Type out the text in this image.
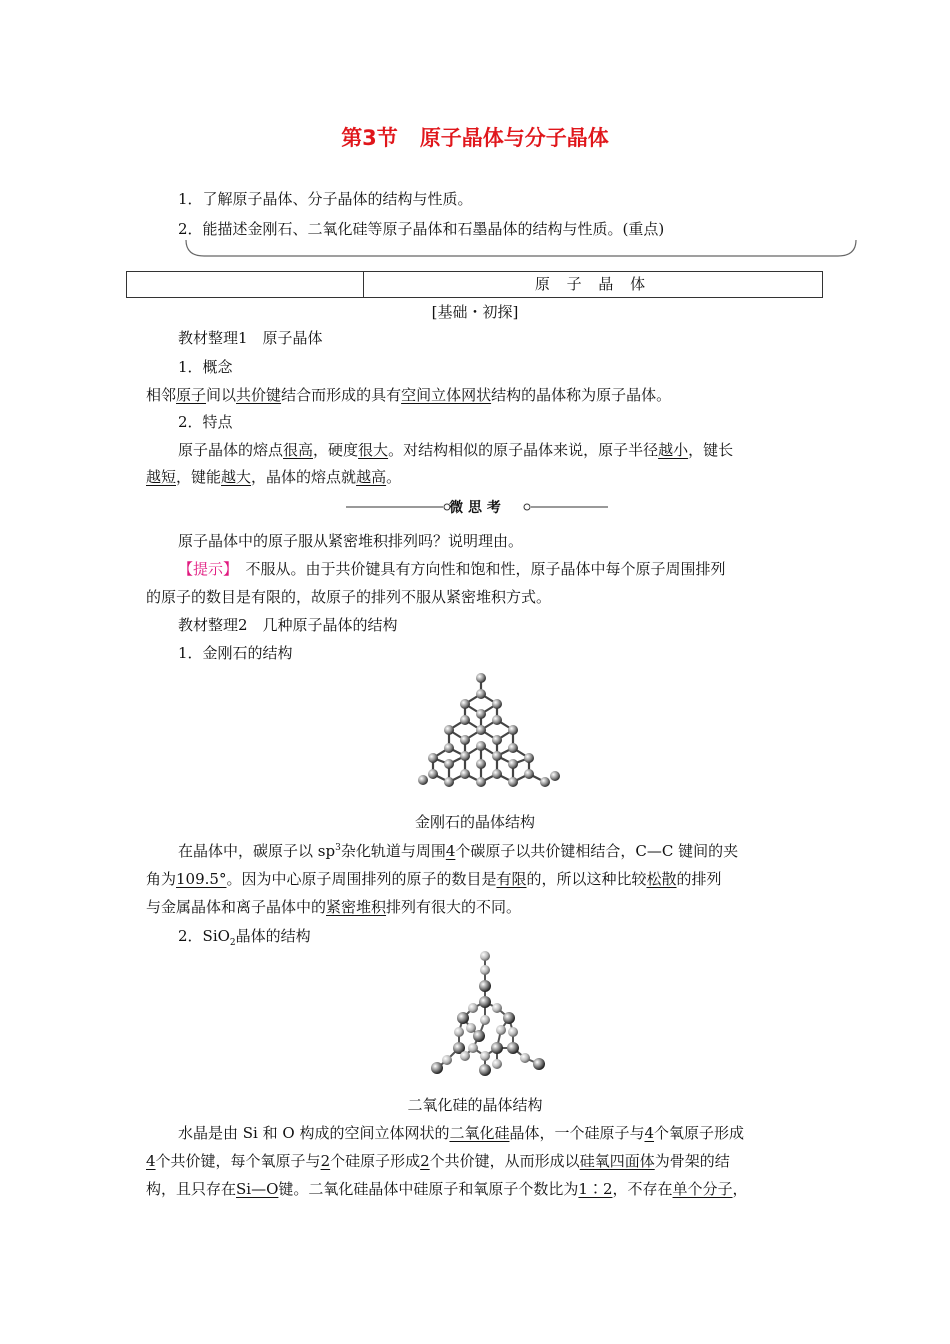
第3节 原子晶体与分子晶体
1．了解原子晶体、分子晶体的结构与性质。
2．能描述金刚石、二氧化硅等原子晶体和石墨晶体的结构与性质。(重点)
原 子 晶 体
[基础・初探]
教材整理1　原子晶体
1．概念
相邻原子间以共价键结合而形成的具有空间立体网状结构的晶体称为原子晶体。
2．特点
原子晶体的熔点很高，硬度很大。对结构相似的原子晶体来说，原子半径越小，键长
越短，键能越大，晶体的熔点就越高。
微 思 考
原子晶体中的原子服从紧密堆积排列吗？说明理由。
【提示】　不服从。由于共价键具有方向性和饱和性，原子晶体中每个原子周围排列
的原子的数目是有限的，故原子的排列不服从紧密堆积方式。
教材整理2　几种原子晶体的结构
1．金刚石的结构
金刚石的晶体结构
在晶体中，碳原子以 $sp^3$杂化轨道与周围4个碳原子以共价键相结合，C—C 键间的夹
角为109.5°。因为中心原子周围排列的原子的数目是有限的，所以这种比较松散的排列
与金属晶体和离子晶体中的紧密堆积排列有很大的不同。
2．SiO$_2$晶体的结构
二氧化硅的晶体结构
水晶是由 Si 和 O 构成的空间立体网状的二氧化硅晶体，一个硅原子与4个氧原子形成
4个共价键，每个氧原子与2个硅原子形成2个共价键，从而形成以硅氧四面体为骨架的结
构，且只存在Si—O键。二氧化硅晶体中硅原子和氧原子个数比为1∶2，不存在单个分子，
